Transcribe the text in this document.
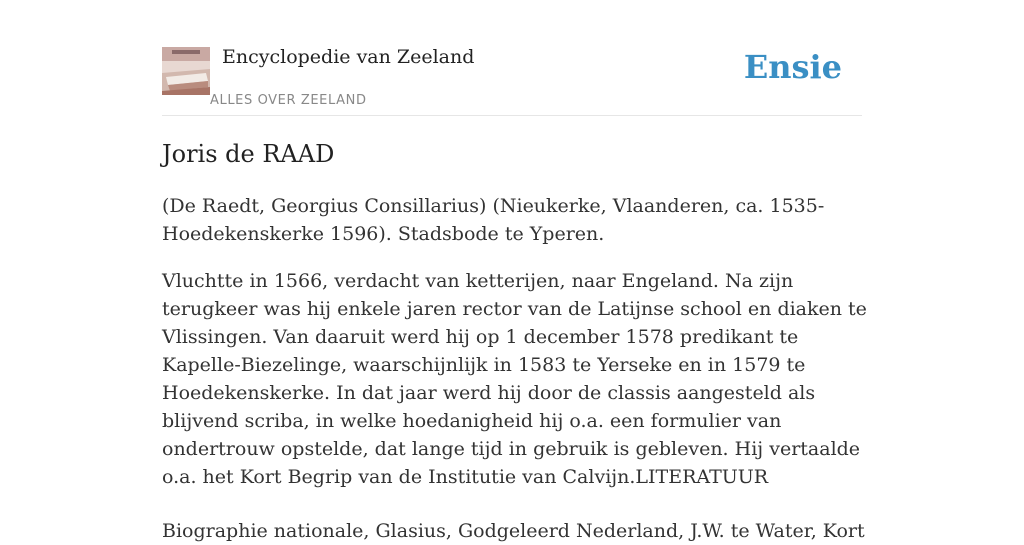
Encyclopedie van Zeeland
ALLES OVER ZEELAND
Ensie
Joris de RAAD

(De Raedt, Georgius Consillarius) (Nieukerke, Vlaanderen, ca. 1535-Hoedekenskerke 1596). Stadsbode te Yperen.

Vluchtte in 1566, verdacht van ketterijen, naar Engeland. Na zijn terugkeer was hij enkele jaren rector van de Latijnse school en diaken te Vlissingen. Van daaruit werd hij op 1 december 1578 predikant te Kapelle-Biezelinge, waarschijnlijk in 1583 te Yerseke en in 1579 te Hoedekenskerke. In dat jaar werd hij door de classis aangesteld als blijvend scriba, in welke hoedanigheid hij o.a. een formulier van ondertrouw opstelde, dat lange tijd in gebruik is gebleven. Hij vertaalde o.a. het Kort Begrip van de Institutie van Calvijn.LITERATUUR

Biographie nationale, Glasius, Godgeleerd Nederland, J.W. te Water, Kort
